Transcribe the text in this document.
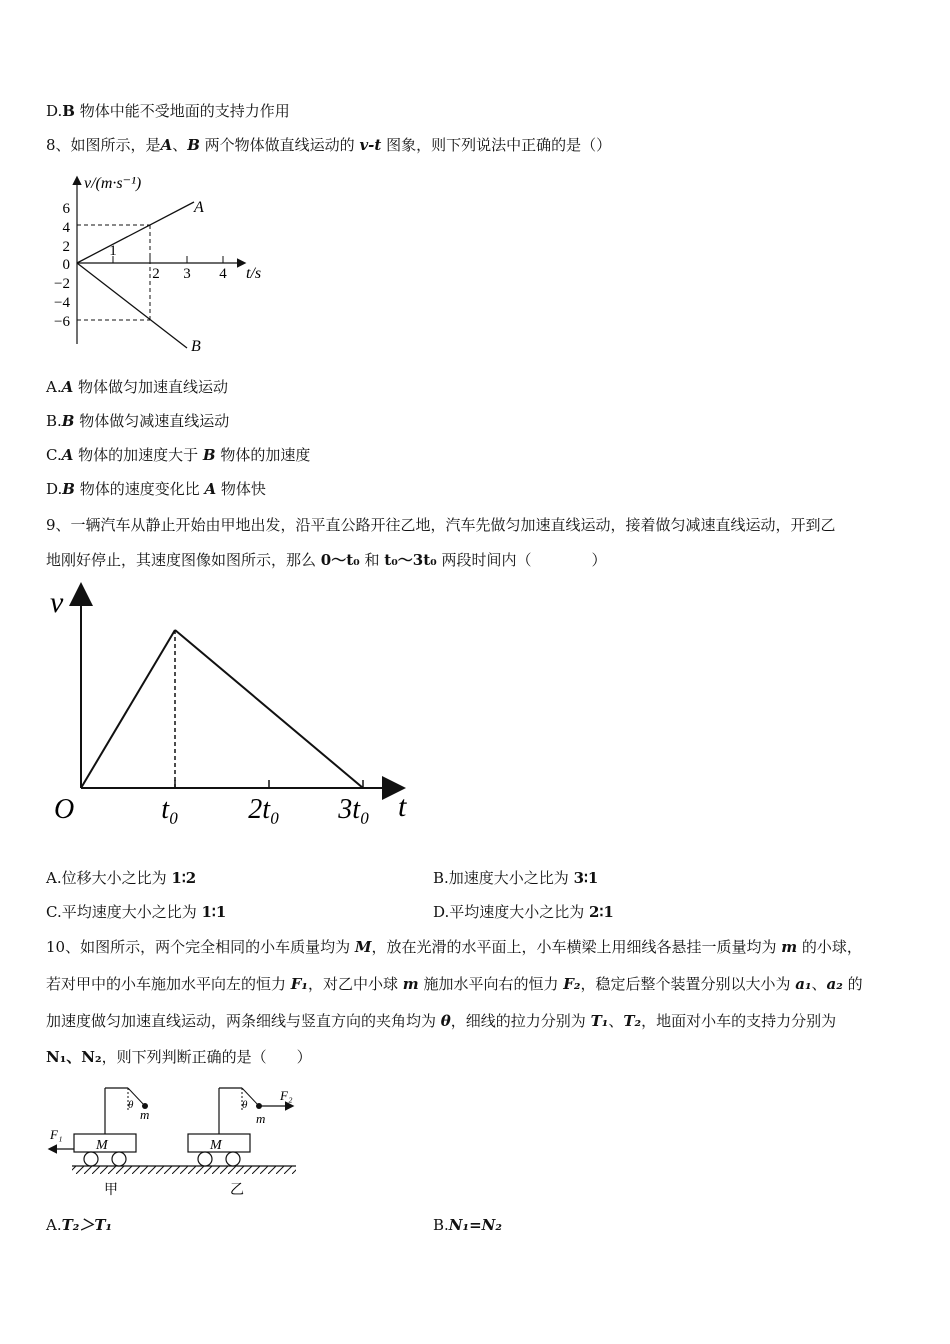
D.B 物体中能不受地面的支持力作用
8、如图所示，是A、B 两个物体做直线运动的 v-t 图象，则下列说法中正确的是（）
v/(m·s⁻¹)
t/s
6
4
2
0
−2
−4
−6
1
2 3 4
A
B
A.A 物体做匀加速直线运动
B.B 物体做匀减速直线运动
C.A 物体的加速度大于 B 物体的加速度
D.B 物体的速度变化比 A 物体快
9、一辆汽车从静止开始由甲地出发，沿平直公路开往乙地，汽车先做匀加速直线运动，接着做匀减速直线运动，开到乙
地刚好停止，其速度图像如图所示，那么 0～t₀ 和 t₀～3t₀ 两段时间内（　　　　）
v
t
O	t₀ 2t₀ 3t₀
A.位移大小之比为 1∶2	B.加速度大小之比为 3∶1
C.平均速度大小之比为 1∶1	D.平均速度大小之比为 2∶1
10、如图所示，两个完全相同的小车质量均为 M，放在光滑的水平面上，小车横梁上用细线各悬挂一质量均为 m 的小球，
若对甲中的小车施加水平向左的恒力 F₁，对乙中小球 m 施加水平向右的恒力 F₂，稳定后整个装置分别以大小为 a₁、a₂ 的
加速度做匀加速直线运动，两条细线与竖直方向的夹角均为 θ，细线的拉力分别为 T₁、T₂，地面对小车的支持力分别为
N₁、N₂，则下列判断正确的是（　　）
M
θ
m
F₁
M
θ
m
F₂
甲	乙
A.T₂＞T₁	B.N₁=N₂
